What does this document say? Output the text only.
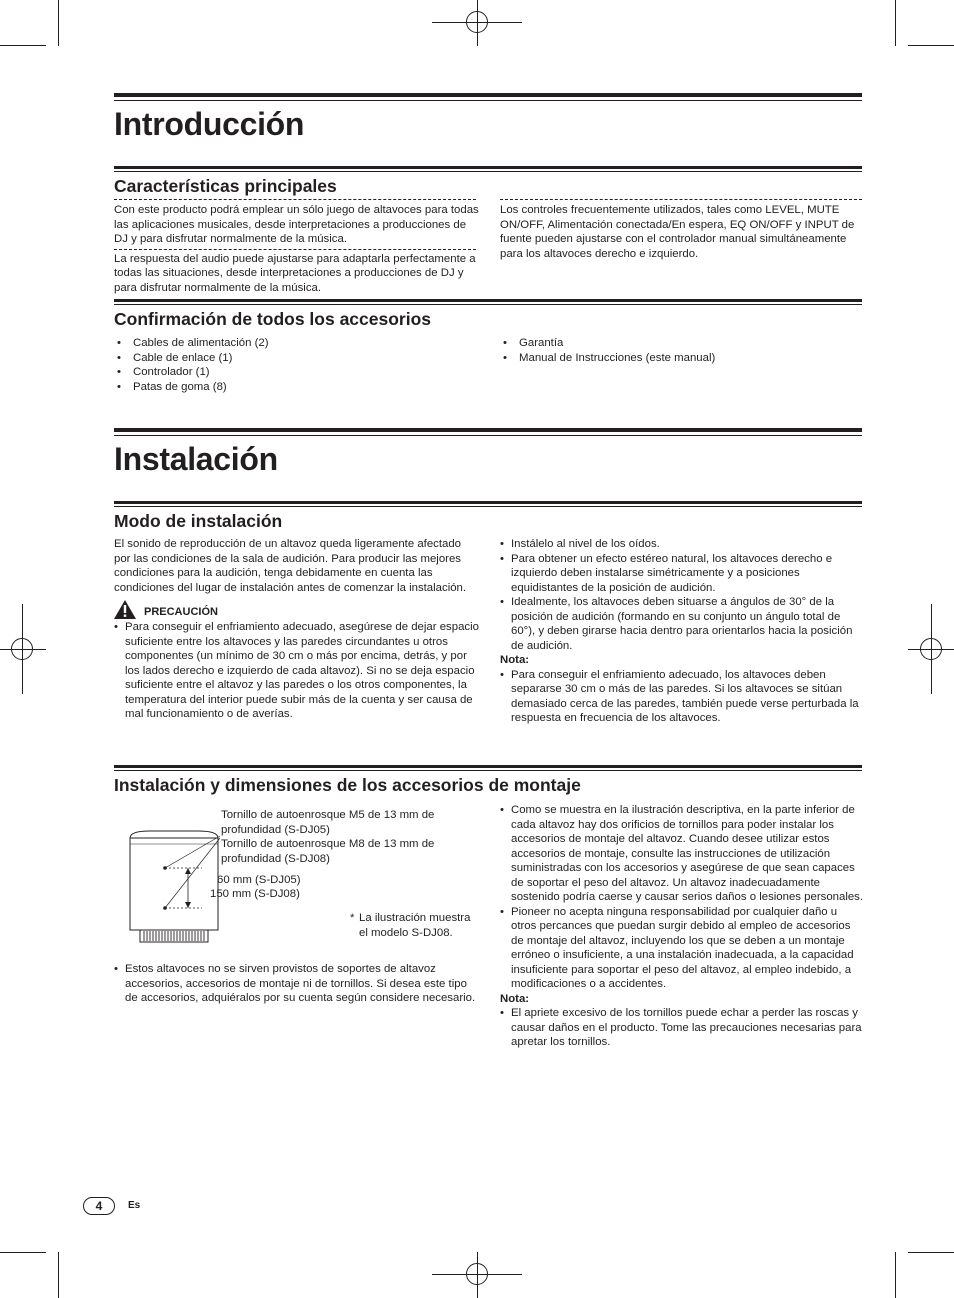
Introducción
Características principales

Con este producto podrá emplear un sólo juego de altavoces para todas las aplicaciones musicales, desde interpretaciones a producciones de DJ y para disfrutar normalmente de la música.

La respuesta del audio puede ajustarse para adaptarla perfectamente a todas las situaciones, desde interpretaciones a producciones de DJ y para disfrutar normalmente de la música.

Los controles frecuentemente utilizados, tales como LEVEL, MUTE ON/OFF, Alimentación conectada/En espera, EQ ON/OFF y INPUT de fuente pueden ajustarse con el controlador manual simultáneamente para los altavoces derecho e izquierdo.

Confirmación de todos los accesorios
• Cables de alimentación (2)
• Cable de enlace (1)
• Controlador (1)
• Patas de goma (8)
• Garantía
• Manual de Instrucciones (este manual)
Instalación
Modo de instalación

El sonido de reproducción de un altavoz queda ligeramente afectado por las condiciones de la sala de audición. Para producir las mejores condiciones para la audición, tenga debidamente en cuenta las condiciones del lugar de instalación antes de comenzar la instalación.

PRECAUCIÓN
• Para conseguir el enfriamiento adecuado, asegúrese de dejar espacio suficiente entre los altavoces y las paredes circundantes u otros componentes (un mínimo de 30 cm o más por encima, detrás, y por los lados derecho e izquierdo de cada altavoz). Si no se deja espacio suficiente entre el altavoz y las paredes o los otros componentes, la temperatura del interior puede subir más de la cuenta y ser causa de mal funcionamiento o de averías.
• Instálelo al nivel de los oídos.
• Para obtener un efecto estéreo natural, los altavoces derecho e izquierdo deben instalarse simétricamente y a posiciones equidistantes de la posición de audición.
• Idealmente, los altavoces deben situarse a ángulos de 30° de la posición de audición (formando en su conjunto un ángulo total de 60°), y deben girarse hacia dentro para orientarlos hacia la posición de audición.

Nota:

• Para conseguir el enfriamiento adecuado, los altavoces deben separarse 30 cm o más de las paredes. Si los altavoces se sitúan demasiado cerca de las paredes, también puede verse perturbada la respuesta en frecuencia de los altavoces.
Instalación y dimensiones de los accesorios de montaje
Tornillo de autoenrosque M5 de 13 mm de profundidad (S-DJ05)
Tornillo de autoenrosque M8 de 13 mm de profundidad (S-DJ08)
60 mm (S-DJ05)
150 mm (S-DJ08)
* La ilustración muestra el modelo S-DJ08.
• Estos altavoces no se sirven provistos de soportes de altavoz accesorios, accesorios de montaje ni de tornillos. Si desea este tipo de accesorios, adquiéralos por su cuenta según considere necesario.
• Como se muestra en la ilustración descriptiva, en la parte inferior de cada altavoz hay dos orificios de tornillos para poder instalar los accesorios de montaje del altavoz. Cuando desee utilizar estos accesorios de montaje, consulte las instrucciones de utilización suministradas con los accesorios y asegúrese de que sean capaces de soportar el peso del altavoz. Un altavoz inadecuadamente sostenido podría caerse y causar serios daños o lesiones personales.
• Pioneer no acepta ninguna responsabilidad por cualquier daño u otros percances que puedan surgir debido al empleo de accesorios de montaje del altavoz, incluyendo los que se deben a un montaje erróneo o insuficiente, a una instalación inadecuada, a la capacidad insuficiente para soportar el peso del altavoz, al empleo indebido, a modificaciones o a accidentes.

Nota:

• El apriete excesivo de los tornillos puede echar a perder las roscas y causar daños en el producto. Tome las precauciones necesarias para apretar los tornillos.
4	Es
